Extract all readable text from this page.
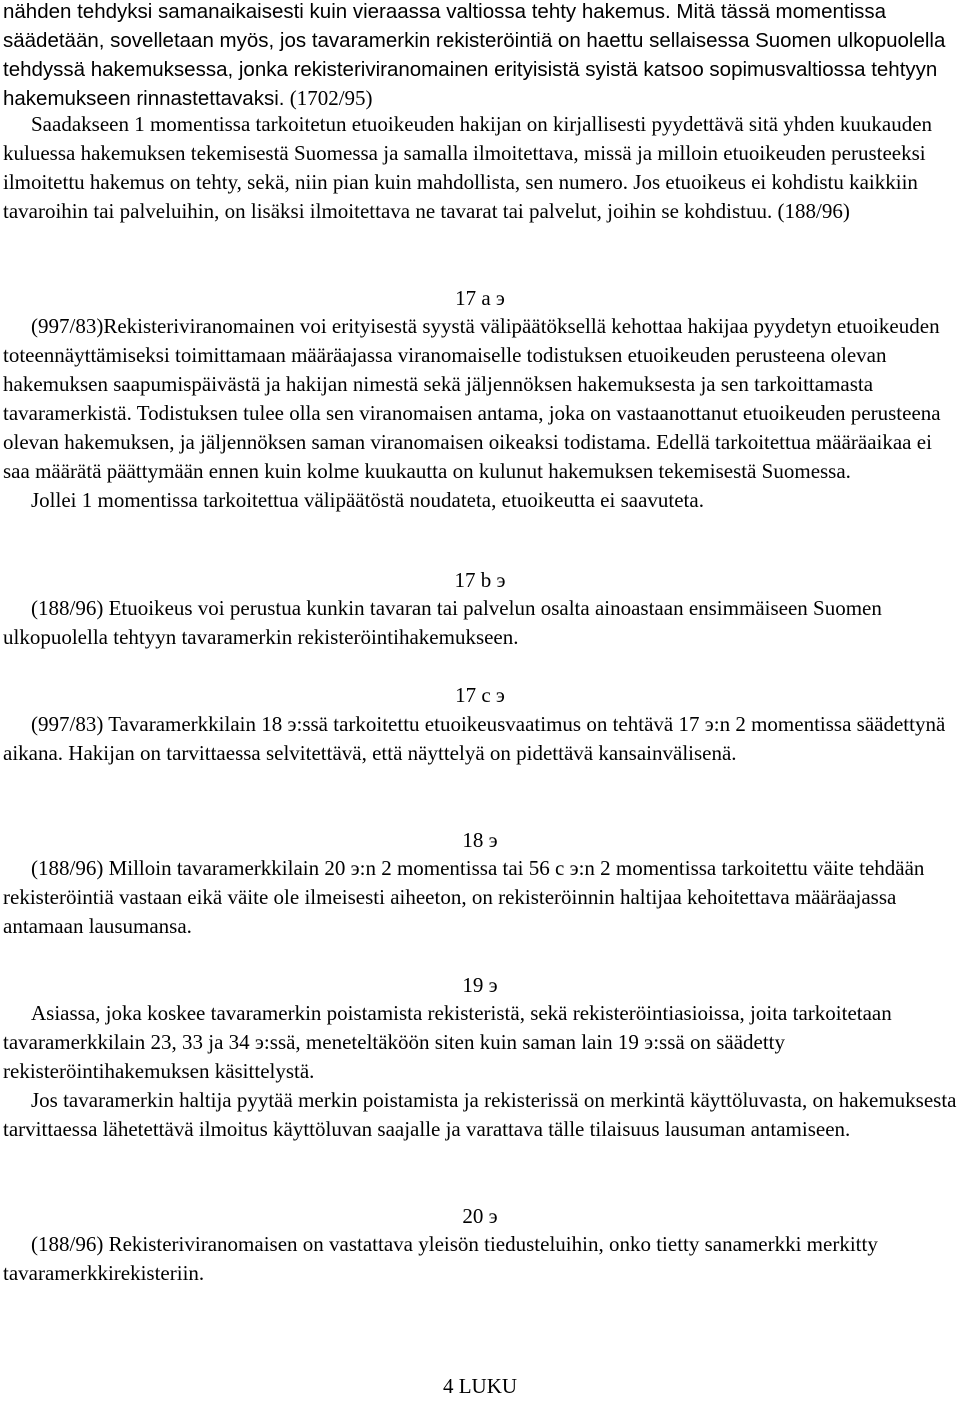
nähden tehdyksi samanaikaisesti kuin vieraassa valtiossa tehty hakemus. Mitä tässä momentissa säädetään, sovelletaan myös, jos tavaramerkin rekisteröintiä on haettu sellaisessa Suomen ulkopuolella tehdyssä hakemuksessa, jonka rekisteriviranomainen erityisistä syistä katsoo sopimusvaltiossa tehtyyn hakemukseen rinnastettavaksi. (1702/95)
Saadakseen 1 momentissa tarkoitetun etuoikeuden hakijan on kirjallisesti pyydettävä sitä yhden kuukauden kuluessa hakemuksen tekemisestä Suomessa ja samalla ilmoitettava, missä ja milloin etuoikeuden perusteeksi ilmoitettu hakemus on tehty, sekä, niin pian kuin mahdollista, sen numero. Jos etuoikeus ei kohdistu kaikkiin tavaroihin tai palveluihin, on lisäksi ilmoitettava ne tavarat tai palvelut, joihin se kohdistuu. (188/96)
17 a э
(997/83)Rekisteriviranomainen voi erityisestä syystä välipäätöksellä kehottaa hakijaa pyydetyn etuoikeuden toteennäyttämiseksi toimittamaan määräajassa viranomaiselle todistuksen etuoikeuden perusteena olevan hakemuksen saapumispäivästä ja hakijan nimestä sekä jäljennöksen hakemuksesta ja sen tarkoittamasta tavaramerkistä. Todistuksen tulee olla sen viranomaisen antama, joka on vastaanottanut etuoikeuden perusteena olevan hakemuksen, ja jäljennöksen saman viranomaisen oikeaksi todistama. Edellä tarkoitettua määräaikaa ei saa määrätä päättymään ennen kuin kolme kuukautta on kulunut hakemuksen tekemisestä Suomessa.
Jollei 1 momentissa tarkoitettua välipäätöstä noudateta, etuoikeutta ei saavuteta.
17 b э
(188/96) Etuoikeus voi perustua kunkin tavaran tai palvelun osalta ainoastaan ensimmäiseen Suomen ulkopuolella tehtyyn tavaramerkin rekisteröintihakemukseen.
17 c э
(997/83) Tavaramerkkilain 18 э:ssä tarkoitettu etuoikeusvaatimus on tehtävä 17 э:n 2 momentissa säädettynä aikana. Hakijan on tarvittaessa selvitettävä, että näyttelyä on pidettävä kansainvälisenä.
18 э
(188/96) Milloin tavaramerkkilain 20 э:n 2 momentissa tai 56 c э:n 2 momentissa tarkoitettu väite tehdään rekisteröintiä vastaan eikä väite ole ilmeisesti aiheeton, on rekisteröinnin haltijaa kehoitettava määräajassa antamaan lausumansa.
19 э
Asiassa, joka koskee tavaramerkin poistamista rekisteristä, sekä rekisteröintiasioissa, joita tarkoitetaan tavaramerkkilain 23, 33 ja 34 э:ssä, meneteltäköön siten kuin saman lain 19 э:ssä on säädetty rekisteröintihakemuksen käsittelystä.
Jos tavaramerkin haltija pyytää merkin poistamista ja rekisterissä on merkintä käyttöluvasta, on hakemuksesta tarvittaessa lähetettävä ilmoitus käyttöluvan saajalle ja varattava tälle tilaisuus lausuman antamiseen.
20 э
(188/96) Rekisteriviranomaisen on vastattava yleisön tiedusteluihin, onko tietty sanamerkki merkitty tavaramerkkirekisteriin.
4 LUKU
